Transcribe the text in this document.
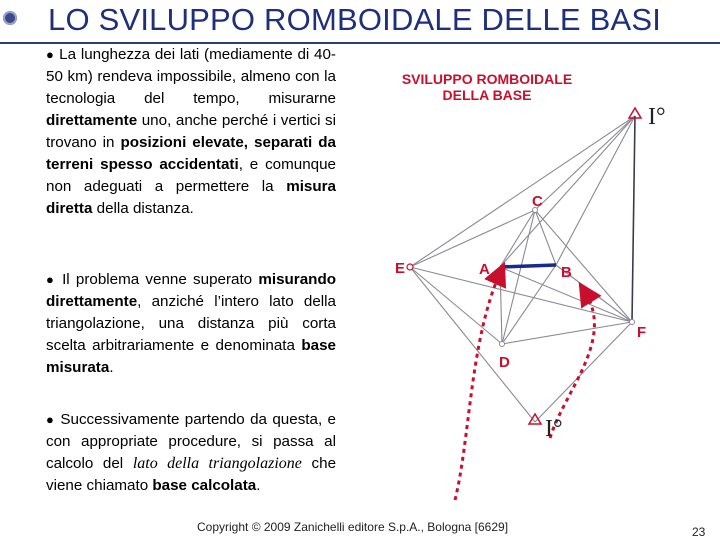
LO SVILUPPO ROMBOIDALE DELLE BASI

● La lunghezza dei lati (mediamente di 40-50 km) rendeva impossibile, almeno con la tecnologia del tempo, misurarne direttamente uno, anche perché i vertici si trovano in posizioni elevate, separati da terreni spesso accidentati, e comunque non adeguati a permettere la misura diretta della distanza.

● Il problema venne superato misurando direttamente, anziché l’intero lato della triangolazione, una distanza più corta scelta arbitrariamente e denominata base misurata.

● Successivamente partendo da questa, e con appropriate procedure, si passa al calcolo del lato della triangolazione che viene chiamato base calcolata.

SVILUPPO ROMBOIDALE
DELLA BASE
C
E	A	B
F
D
I°
I°
Copyright © 2009 Zanichelli editore S.p.A., Bologna [6629]	23
